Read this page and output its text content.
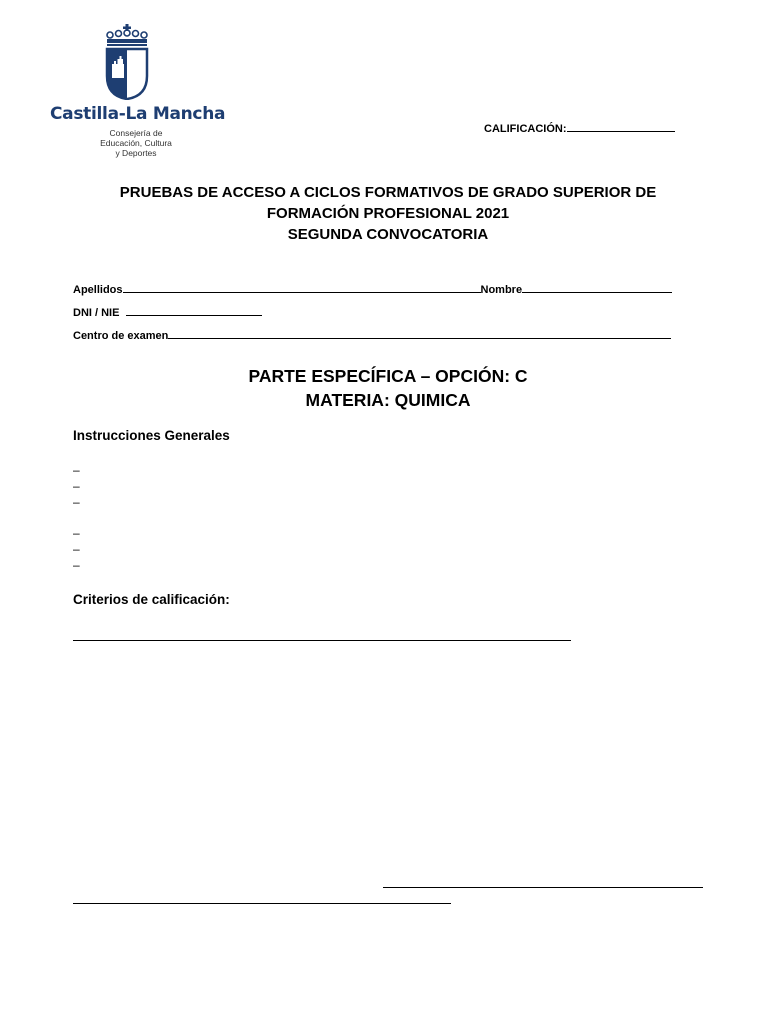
Castilla-La Mancha
Consejería de
Educación, Cultura
y Deportes
CALIFICACIÓN:
PRUEBAS DE ACCESO A CICLOS FORMATIVOS DE GRADO SUPERIOR DE
FORMACIÓN PROFESIONAL 2021
SEGUNDA CONVOCATORIA
Apellidos	Nombre
DNI / NIE
Centro de examen
PARTE ESPECÍFICA – OPCIÓN: C
MATERIA: QUIMICA
Instrucciones Generales
–
–
–
–
–
–
Criterios de calificación:
